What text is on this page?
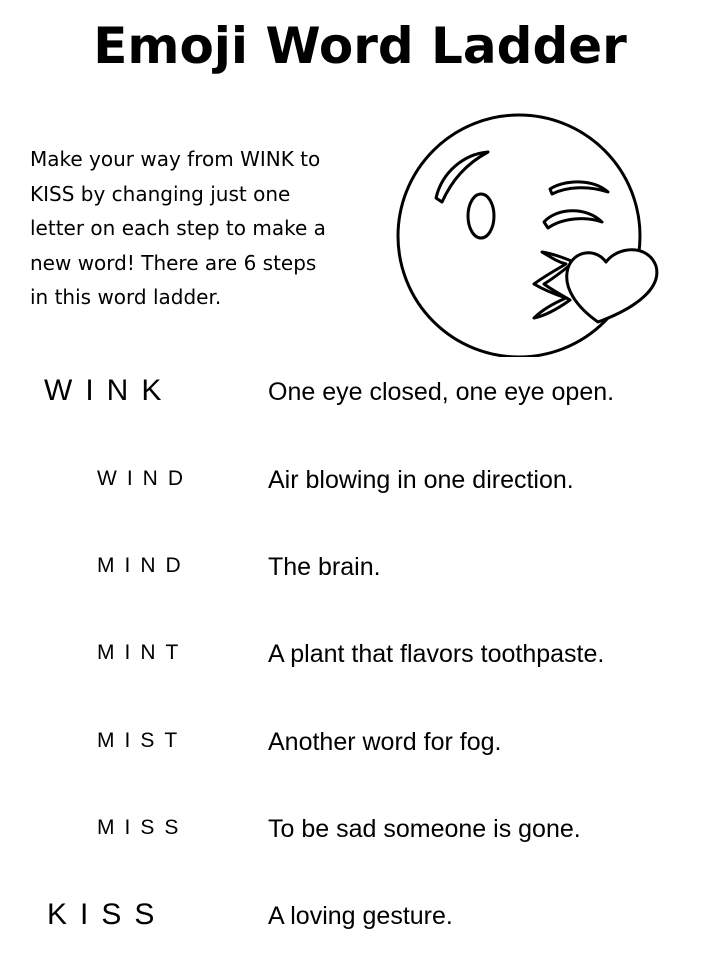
Emoji Word Ladder
Make your way from WINK to
KISS by changing just one
letter on each step to make a
new word! There are 6 steps
in this word ladder.
WINK	One eye closed, one eye open.
WIND	Air blowing in one direction.
MIND	The brain.
MINT	A plant that flavors toothpaste.
MIST	Another word for fog.
MISS	To be sad someone is gone.
KISS	A loving gesture.
